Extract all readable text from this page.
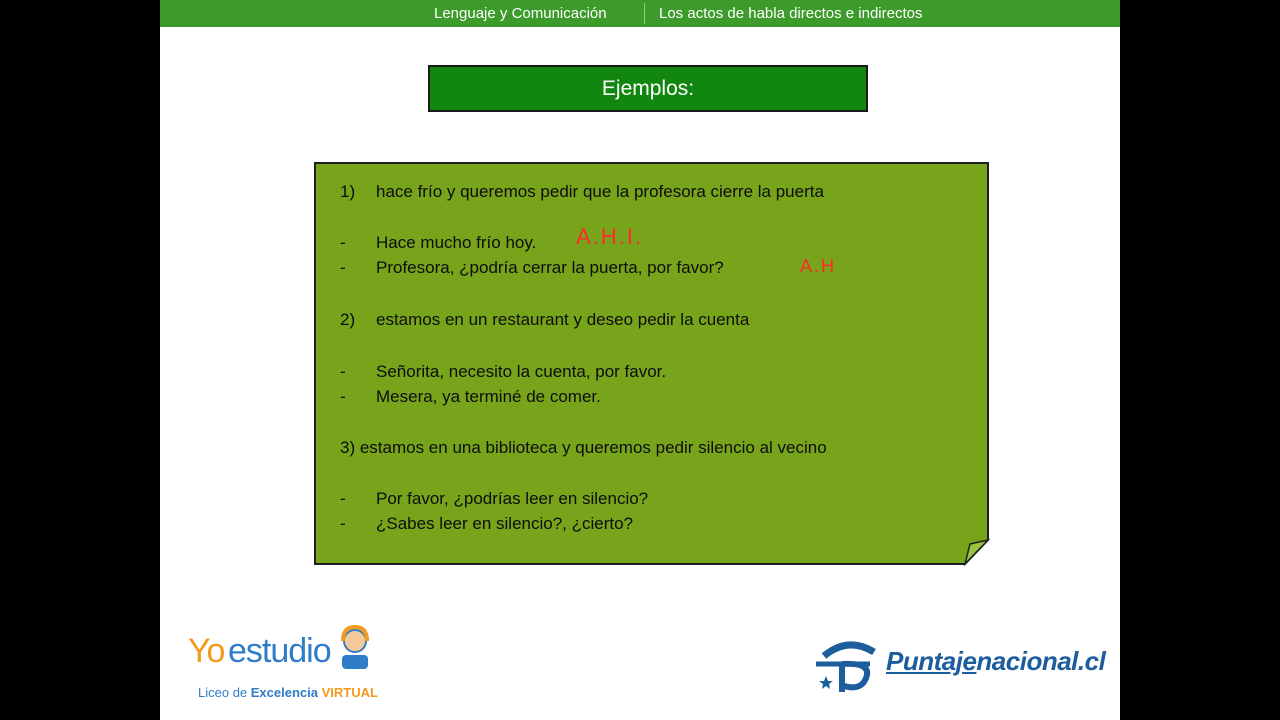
Lenguaje y Comunicación	Los actos de habla directos e indirectos
Ejemplos:
1) hace frío y queremos pedir que la profesora cierre la puerta
- Hace mucho frío hoy.
- Profesora, ¿podría cerrar la puerta, por favor?
2) estamos en un restaurant y deseo pedir la cuenta
- Señorita, necesito la cuenta, por favor.
- Mesera, ya terminé de comer.
3) estamos en una biblioteca y queremos pedir silencio al vecino
- Por favor, ¿podrías leer en silencio?
- ¿Sabes leer en silencio?, ¿cierto?
A.H.I.
A.H
Yo estudio
Liceo de Excelencia VIRTUAL
Puntajenacional.cl
